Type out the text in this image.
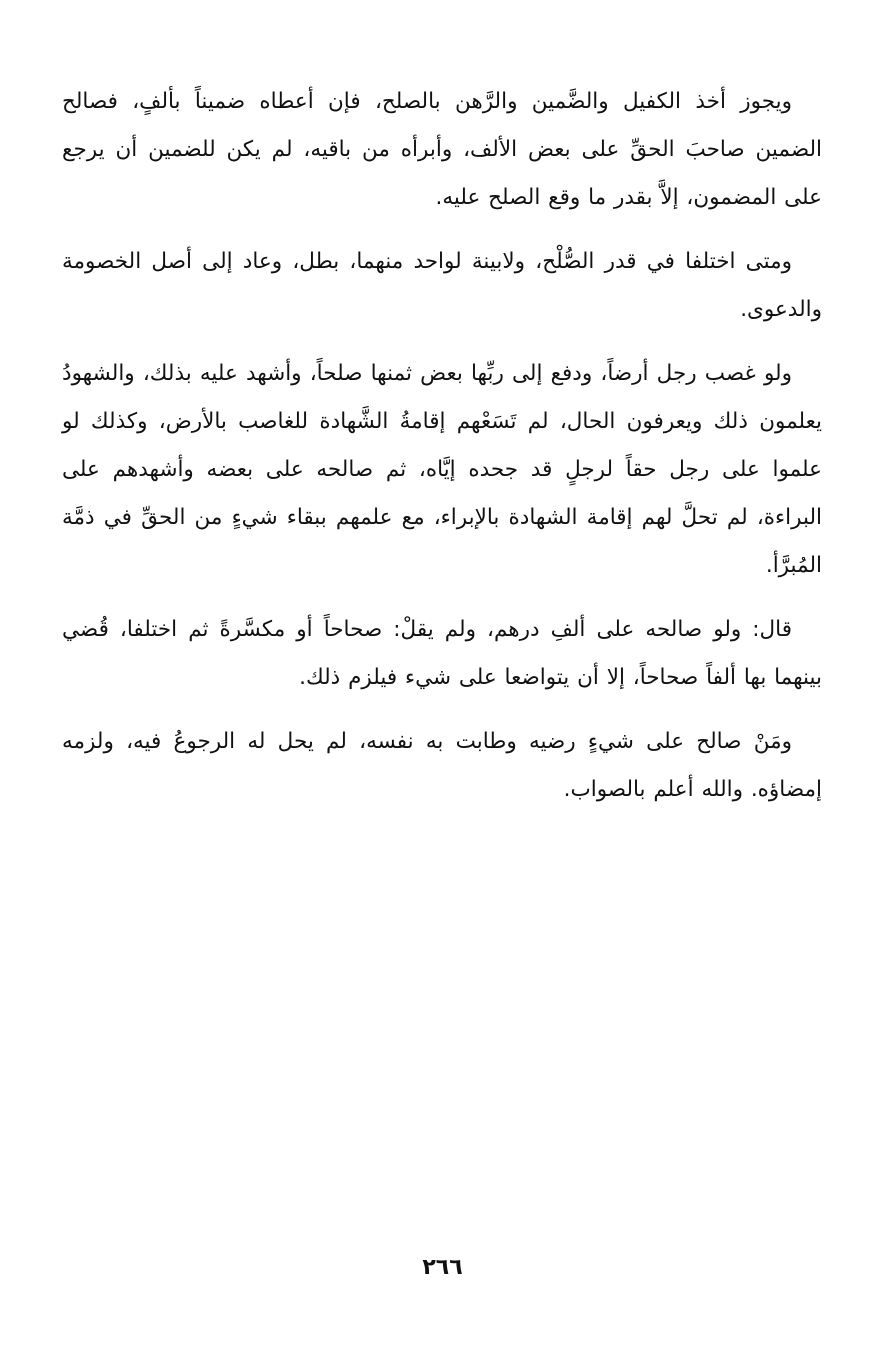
ويجوز أخذ الكفيل والضَّمين والرَّهن بالصلح، فإن أعطاه ضميناً بألفٍ، فصالح الضمين صاحبَ الحقِّ على بعض الألف، وأبرأه من باقيه، لم يكن للضمين أن يرجع على المضمون، إلاَّ بقدر ما وقع الصلح عليه.

ومتى اختلفا في قدر الصُّلْح، ولابينة لواحد منهما، بطل، وعاد إلى أصل الخصومة والدعوى.

ولو غصب رجل أرضاً، ودفع إلى ربِّها بعض ثمنها صلحاً، وأشهد عليه بذلك، والشهودُ يعلمون ذلك ويعرفون الحال، لم تَسَعْهم إقامةُ الشَّهادة للغاصب بالأرض، وكذلك لو علموا على رجل حقاً لرجلٍ قد جحده إيَّاه، ثم صالحه على بعضه وأشهدهم على البراءة، لم تحلَّ لهم إقامة الشهادة بالإبراء، مع علمهم ببقاء شيءٍ من الحقِّ في ذمَّة المُبرَّأ.

قال: ولو صالحه على ألفِ درهم، ولم يقلْ: صحاحاً أو مكسَّرةً ثم اختلفا، قُضي بينهما بها ألفاً صحاحاً، إلا أن يتواضعا على شيء فيلزم ذلك.

ومَنْ صالح على شيءٍ رضيه وطابت به نفسه، لم يحل له الرجوعُ فيه، ولزمه إمضاؤه. والله أعلم بالصواب.

٢٦٦
